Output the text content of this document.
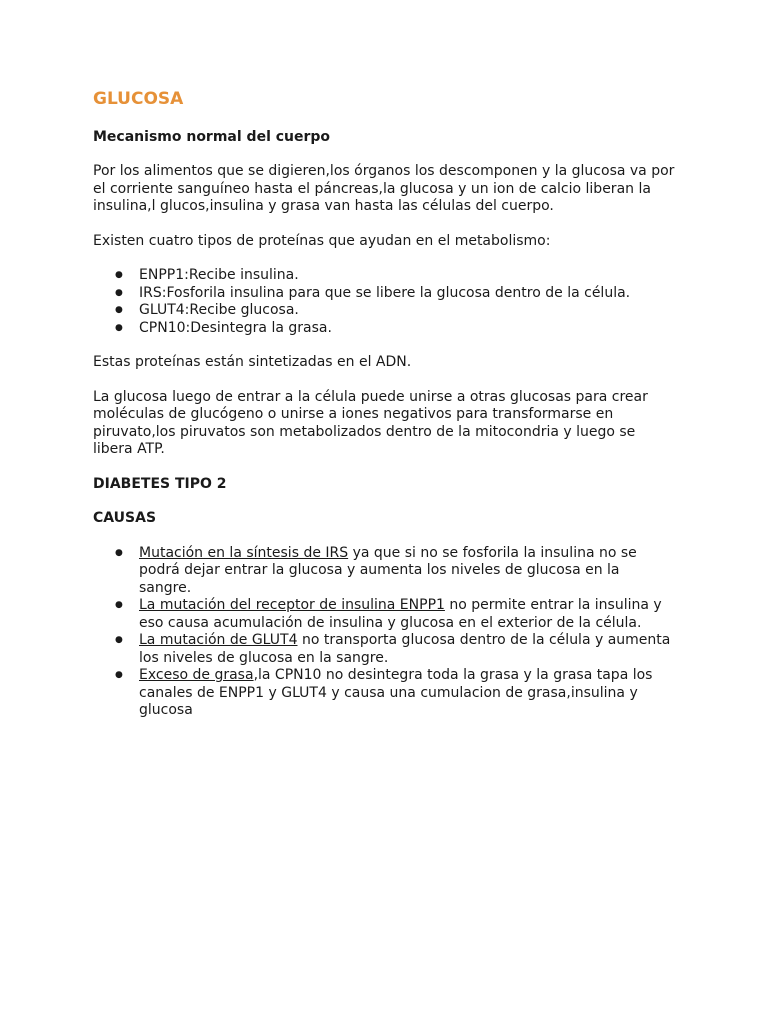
GLUCOSA
Mecanismo normal del cuerpo

Por los alimentos que se digieren,los órganos los descomponen y la glucosa va por el corriente sanguíneo hasta el páncreas,la glucosa y un ion de calcio liberan la insulina,l glucos,insulina y grasa van hasta las células del cuerpo.

Existen cuatro tipos de proteínas que ayudan en el metabolismo:

● ENPP1:Recibe insulina.
● IRS:Fosforila insulina para que se libere la glucosa dentro de la célula.
● GLUT4:Recibe glucosa.
● CPN10:Desintegra la grasa.

Estas proteínas están sintetizadas en el ADN.

La glucosa luego de entrar a la célula puede unirse a otras glucosas para crear moléculas de glucógeno o unirse a iones negativos para transformarse en piruvato,los piruvatos son metabolizados dentro de la mitocondria y luego se libera ATP.

DIABETES TIPO 2

CAUSAS

● Mutación en la síntesis de IRS ya que si no se fosforila la insulina no se podrá dejar entrar la glucosa y aumenta los niveles de glucosa en la sangre.
● La mutación del receptor de insulina ENPP1 no permite entrar la insulina y eso causa acumulación de insulina y glucosa en el exterior de la célula.
● La mutación de GLUT4 no transporta glucosa dentro de la célula y aumenta los niveles de glucosa en la sangre.
● Exceso de grasa,la CPN10 no desintegra toda la grasa y la grasa tapa los canales de ENPP1 y GLUT4 y causa una cumulacion de grasa,insulina y glucosa
